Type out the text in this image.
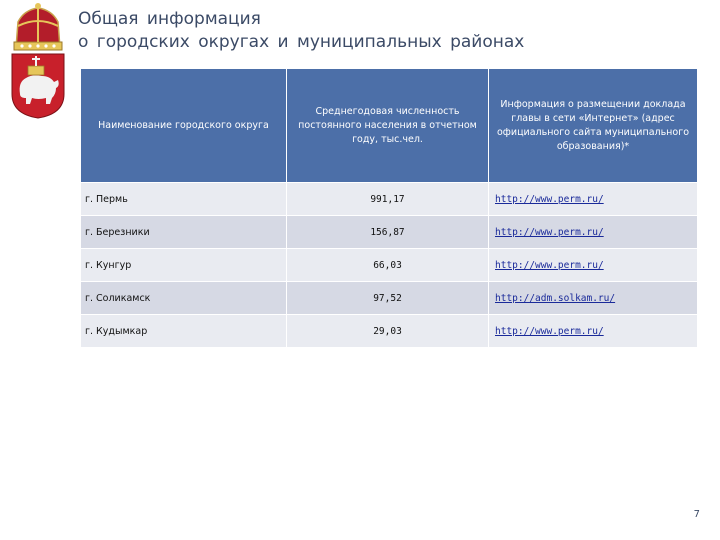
Общая информация
о городских округах и муниципальных районах
Наименование городского округа	Среднегодовая численность постоянного населения в отчетном году, тыс.чел.	Информация о размещении доклада главы в сети «Интернет» (адрес официального сайта муниципального образования)*
г. Пермь	991,17	http://www.perm.ru/
г. Березники	156,87	http://www.perm.ru/
г. Кунгур	66,03	http://www.perm.ru/
г. Соликамск	97,52	http://adm.solkam.ru/
г. Кудымкар	29,03	http://www.perm.ru/
7
